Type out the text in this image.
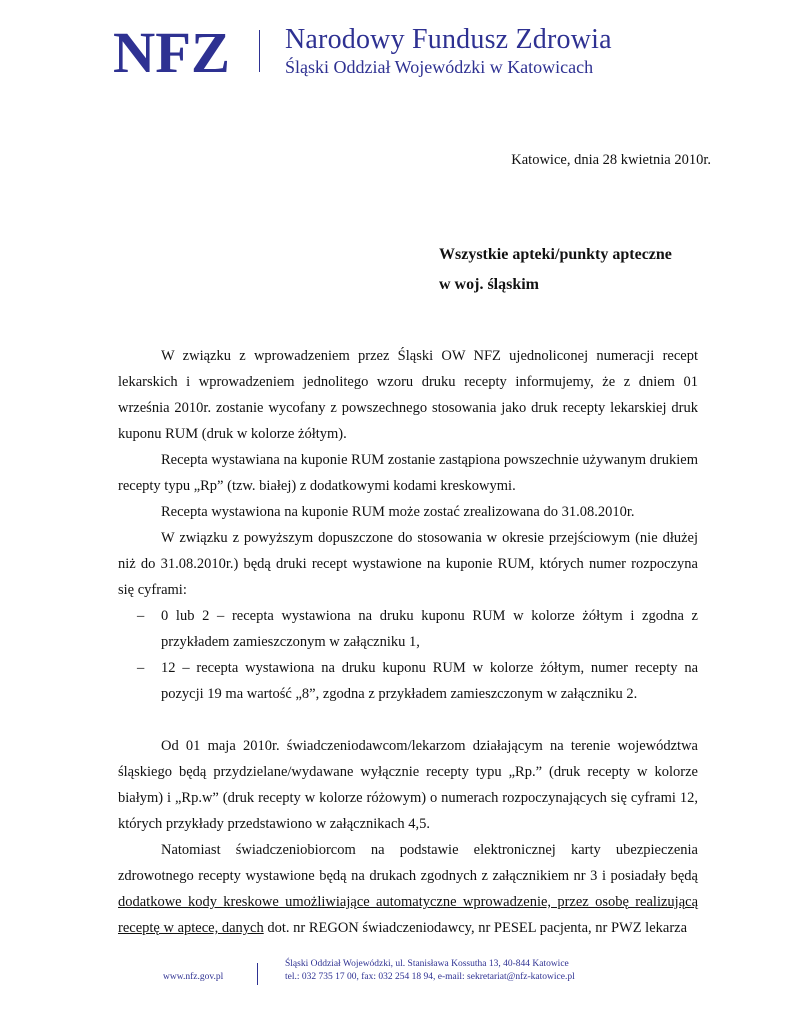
NFZ Narodowy Fundusz Zdrowia
Śląski Oddział Wojewódzki w Katowicach
Katowice, dnia 28 kwietnia 2010r.
Wszystkie apteki/punkty apteczne
w woj. śląskim

W związku z wprowadzeniem przez Śląski OW NFZ ujednoliconej numeracji recept lekarskich i wprowadzeniem jednolitego wzoru druku recepty informujemy, że z dniem 01 września 2010r. zostanie wycofany z powszechnego stosowania jako druk recepty lekarskiej druk kuponu RUM (druk w kolorze żółtym).

Recepta wystawiana na kuponie RUM zostanie zastąpiona powszechnie używanym drukiem recepty typu „Rp” (tzw. białej) z dodatkowymi kodami kreskowymi.

Recepta wystawiona na kuponie RUM może zostać zrealizowana do 31.08.2010r.

W związku z powyższym dopuszczone do stosowania w okresie przejściowym (nie dłużej niż do 31.08.2010r.) będą druki recept wystawione na kuponie RUM, których numer rozpoczyna się cyframi:

– 0 lub 2 – recepta wystawiona na druku kuponu RUM w kolorze żółtym i zgodna z przykładem zamieszczonym w załączniku 1,
– 12 – recepta wystawiona na druku kuponu RUM w kolorze żółtym, numer recepty na pozycji 19 ma wartość „8”, zgodna z przykładem zamieszczonym w załączniku 2.

Od 01 maja 2010r. świadczeniodawcom/lekarzom działającym na terenie województwa śląskiego będą przydzielane/wydawane wyłącznie recepty typu „Rp.” (druk recepty w kolorze białym) i „Rp.w” (druk recepty w kolorze różowym) o numerach rozpoczynających się cyframi 12, których przykłady przedstawiono w załącznikach 4,5.

Natomiast świadczeniobiorcom na podstawie elektronicznej karty ubezpieczenia zdrowotnego recepty wystawione będą na drukach zgodnych z załącznikiem nr 3 i posiadały będą dodatkowe kody kreskowe umożliwiające automatyczne wprowadzenie, przez osobę realizującą receptę w aptece, danych dot. nr REGON świadczeniodawcy, nr PESEL pacjenta, nr PWZ lekarza

www.nfz.gov.pl
Śląski Oddział Wojewódzki, ul. Stanisława Kossutha 13, 40-844 Katowice
tel.: 032 735 17 00, fax: 032 254 18 94, e-mail: sekretariat@nfz-katowice.pl
